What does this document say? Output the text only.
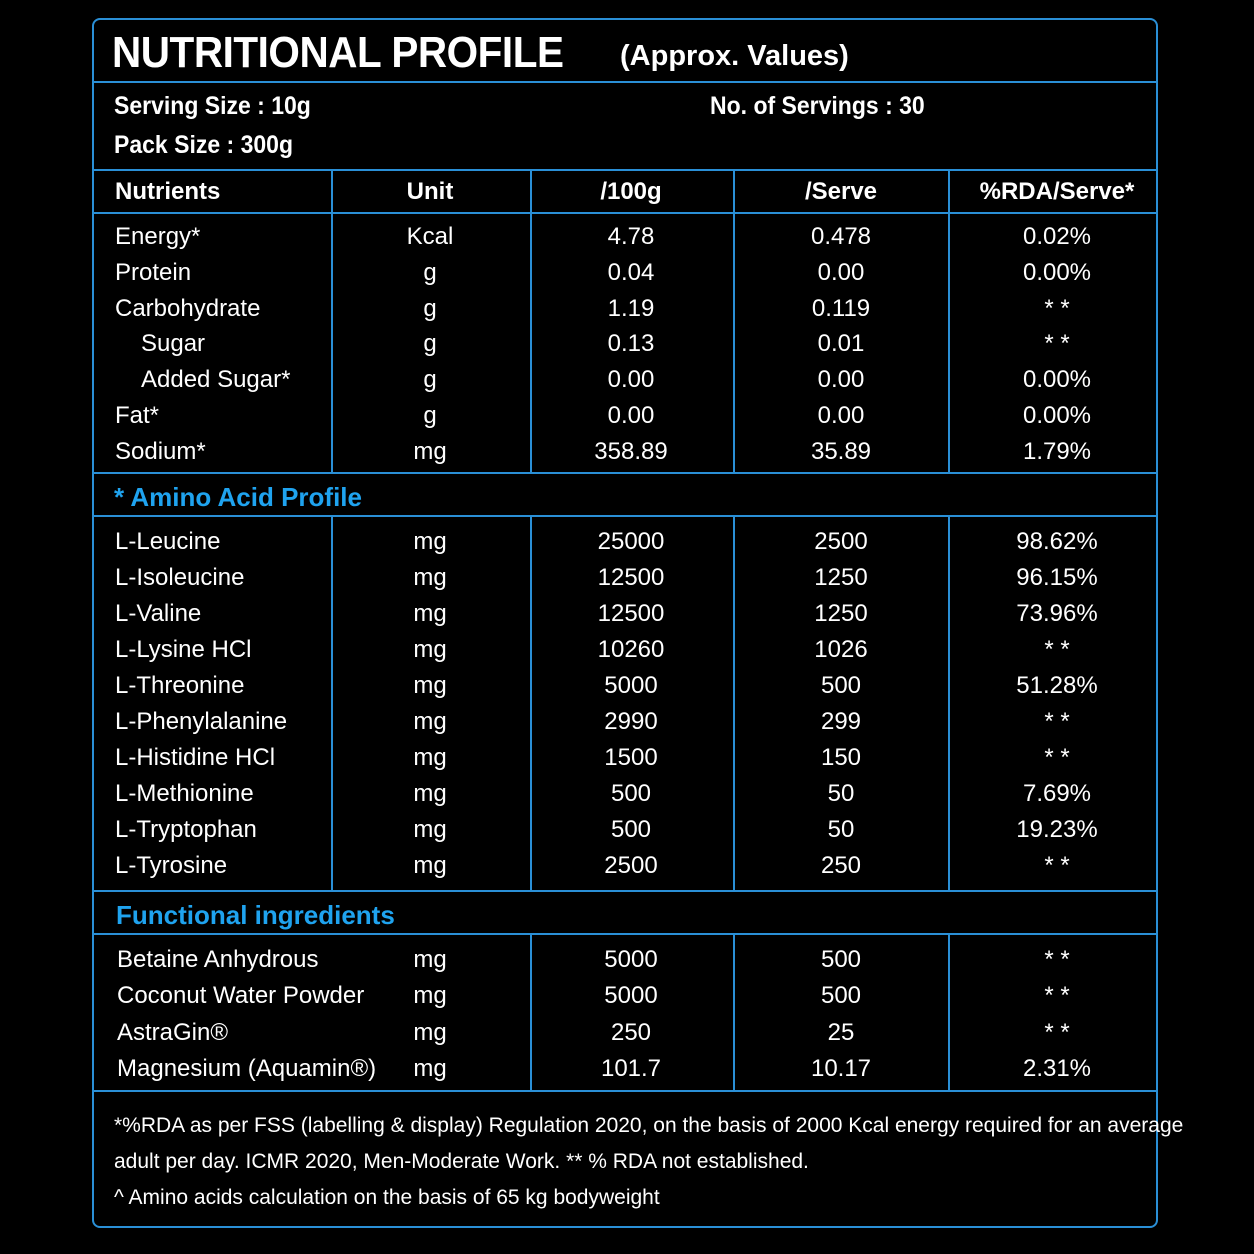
NUTRITIONAL PROFILE (Approx. Values)
Serving Size : 10g
Pack Size : 300g
No. of Servings : 30
Nutrients	Unit	/100g	/Serve	%RDA/Serve*
Energy*	Kcal	4.78	0.478	0.02%
Protein	g	0.04	0.00	0.00%
Carbohydrate	g	1.19	0.119	* *
Sugar	g	0.13	0.01	* *
Added Sugar*	g	0.00	0.00	0.00%
Fat*	g	0.00	0.00	0.00%
Sodium*	mg	358.89	35.89	1.79%
* Amino Acid Profile
L-Leucine	mg	25000	2500	98.62%
L-Isoleucine	mg	12500	1250	96.15%
L-Valine	mg	12500	1250	73.96%
L-Lysine HCl	mg	10260	1026	* *
L-Threonine	mg	5000	500	51.28%
L-Phenylalanine	mg	2990	299	* *
L-Histidine HCl	mg	1500	150	* *
L-Methionine	mg	500	50	7.69%
L-Tryptophan	mg	500	50	19.23%
L-Tyrosine	mg	2500	250	* *
Functional ingredients
Betaine Anhydrous	mg	5000	500	* *
Coconut Water Powder mg	5000	500	* *
AstraGin®	mg	250	25	* *
Magnesium (Aquamin®) mg	101.7	10.17	2.31%
*%RDA as per FSS (labelling & display) Regulation 2020, on the basis of 2000 Kcal energy required for an average
adult per day. ICMR 2020, Men-Moderate Work. ** % RDA not established.
^ Amino acids calculation on the basis of 65 kg bodyweight
